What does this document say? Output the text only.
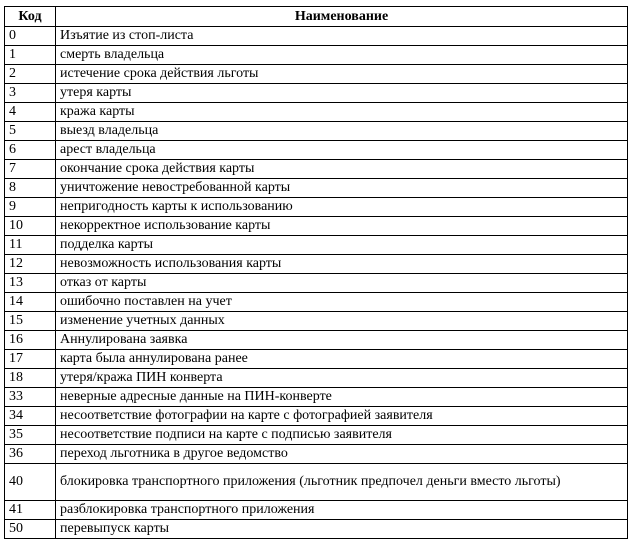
Код	Наименование
0	Изъятие из стоп-листа
1	смерть владельца
2	истечение срока действия льготы
3	утеря карты
4	кража карты
5	выезд владельца
6	арест владельца
7	окончание срока действия карты
8	уничтожение невостребованной карты
9	непригодность карты к использованию
10	некорректное использование карты
11	подделка карты
12	невозможность использования карты
13	отказ от карты
14	ошибочно поставлен на учет
15	изменение учетных данных
16	Аннулирована заявка
17	карта была аннулирована ранее
18	утеря/кража ПИН конверта
33	неверные адресные данные на ПИН-конверте
34	несоответствие фотографии на карте с фотографией заявителя
35	несоответствие подписи на карте с подписью заявителя
36	переход льготника в другое ведомство
40	блокировка транспортного приложения (льготник предпочел деньги вместо льготы)
41	разблокировка транспортного приложения
50	перевыпуск карты
